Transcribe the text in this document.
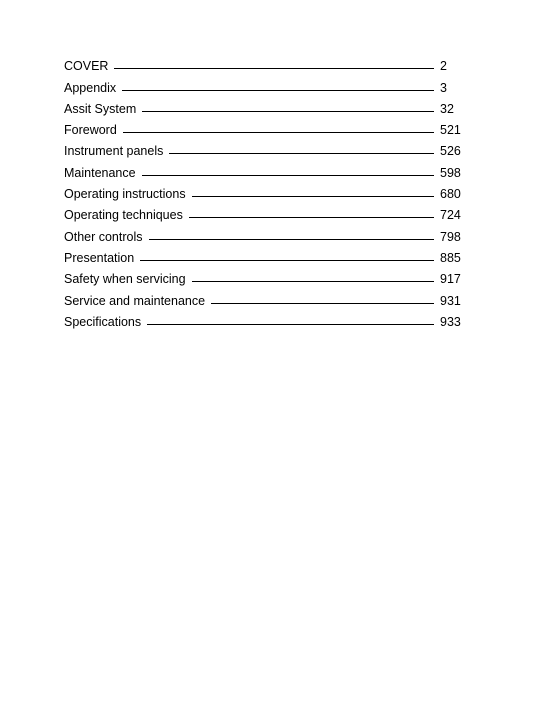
COVER	2
Appendix	3
Assit System	32
Foreword	521
Instrument panels	526
Maintenance	598
Operating instructions	680
Operating techniques	724
Other controls	798
Presentation	885
Safety when servicing	917
Service and maintenance	931
Specifications	933
